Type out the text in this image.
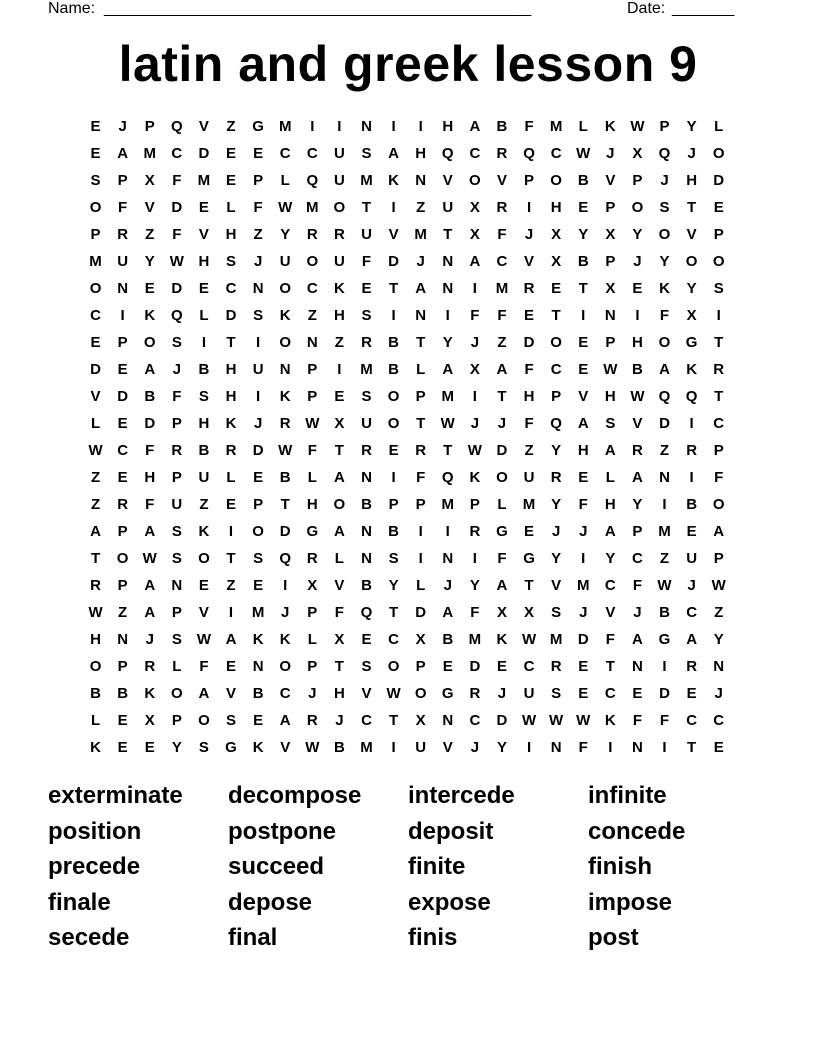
Name: ________________________________________________	Date: _______
latin and greek lesson 9
E J P Q V Z G M I I N I I H A B F M L K W P Y L
E A M C D E E C C U S A H Q C R Q C W J X Q J O
S P X F M E P L Q U M K N V O V P O B V P J H D
O F V D E L F W M O T I Z U X R I H E P O S T E
P R Z F V H Z Y R R U V M T X F J X Y X Y O V P
M U Y W H S J U O U F D J N A C V X B P J Y O O
O N E D E C N O C K E T A N I M R E T X E K Y S
C I K Q L D S K Z H S I N I F F E T I N I F X I
E P O S I T I O N Z R B T Y J Z D O E P H O G T
D E A J B H U N P I M B L A X A F C E W B A K R
V D B F S H I K P E S O P M I T H P V H W Q Q T
L E D P H K J R W X U O T W J J F Q A S V D I C
W C F R B R D W F T R E R T W D Z Y H A R Z R P
Z E H P U L E B L A N I F Q K O U R E L A N I F
Z R F U Z E P T H O B P P M P L M Y F H Y I B O
A P A S K I O D G A N B I I R G E J J A P M E A
T O W S O T S Q R L N S I N I F G Y I Y C Z U P
R P A N E Z E I X V B Y L J Y A T V M C F W J W
W Z A P V I M J P F Q T D A F X X S J V J B C Z
H N J S W A K K L X E C X B M K W M D F A G A Y
O P R L F E N O P T S O P E D E C R E T N I R N
B B K O A V B C J H V W O G R J U S E C E D E J
L E X P O S E A R J C T X N C D W W W K F F C C
K E E Y S G K V W B M I U V J Y I N F I N I T E
exterminate decompose intercede	infinite
position	postpone	deposit	concede
precede	succeed	finite	finish
finale	depose	expose	impose
secede	final	finis	post
